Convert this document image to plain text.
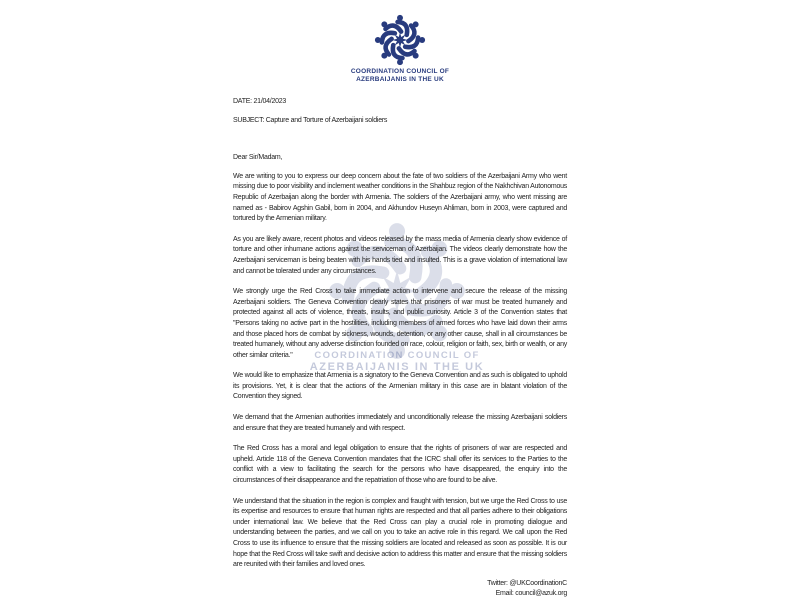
COORDINATION COUNCIL OF
AZERBAIJANIS IN THE UK
COORDINATION COUNCIL OF
AZERBAIJANIS IN THE UK

DATE: 21/04/2023

SUBJECT: Capture and Torture of Azerbaijani soldiers

Dear Sir/Madam,

We are writing to you to express our deep concern about the fate of two soldiers of the Azerbaijani Army who went missing due to poor visibility and inclement weather conditions in the Shahbuz region of the Nakhchivan Autonomous Republic of Azerbaijan along the border with Armenia. The soldiers of the Azerbaijani army, who went missing are named as - Babirov Agshin Gabil, born in 2004, and Akhundov Huseyn Ahliman, born in 2003, were captured and tortured by the Armenian military.

As you are likely aware, recent photos and videos released by the mass media of Armenia clearly show evidence of torture and other inhumane actions against the serviceman of Azerbaijan. The videos clearly demonstrate how the Azerbaijani serviceman is being beaten with his hands tied and insulted. This is a grave violation of international law and cannot be tolerated under any circumstances.

We strongly urge the Red Cross to take immediate action to intervene and secure the release of the missing Azerbaijani soldiers. The Geneva Convention clearly states that prisoners of war must be treated humanely and protected against all acts of violence, threats, insults, and public curiosity. Article 3 of the Convention states that "Persons taking no active part in the hostilities, including members of armed forces who have laid down their arms and those placed hors de combat by sickness, wounds, detention, or any other cause, shall in all circumstances be treated humanely, without any adverse distinction founded on race, colour, religion or faith, sex, birth or wealth, or any other similar criteria."

We would like to emphasize that Armenia is a signatory to the Geneva Convention and as such is obligated to uphold its provisions. Yet, it is clear that the actions of the Armenian military in this case are in blatant violation of the Convention they signed.

We demand that the Armenian authorities immediately and unconditionally release the missing Azerbaijani soldiers and ensure that they are treated humanely and with respect.

The Red Cross has a moral and legal obligation to ensure that the rights of prisoners of war are respected and upheld. Article 118 of the Geneva Convention mandates that the ICRC shall offer its services to the Parties to the conflict with a view to facilitating the search for the persons who have disappeared, the enquiry into the circumstances of their disappearance and the repatriation of those who are found to be alive.

We understand that the situation in the region is complex and fraught with tension, but we urge the Red Cross to use its expertise and resources to ensure that human rights are respected and that all parties adhere to their obligations under international law. We believe that the Red Cross can play a crucial role in promoting dialogue and understanding between the parties, and we call on you to take an active role in this regard. We call upon the Red Cross to use its influence to ensure that the missing soldiers are located and released as soon as possible. It is our hope that the Red Cross will take swift and decisive action to address this matter and ensure that the missing soldiers are reunited with their families and loved ones.

Twitter: @UKCoordinationC
Email: council@azuk.org
